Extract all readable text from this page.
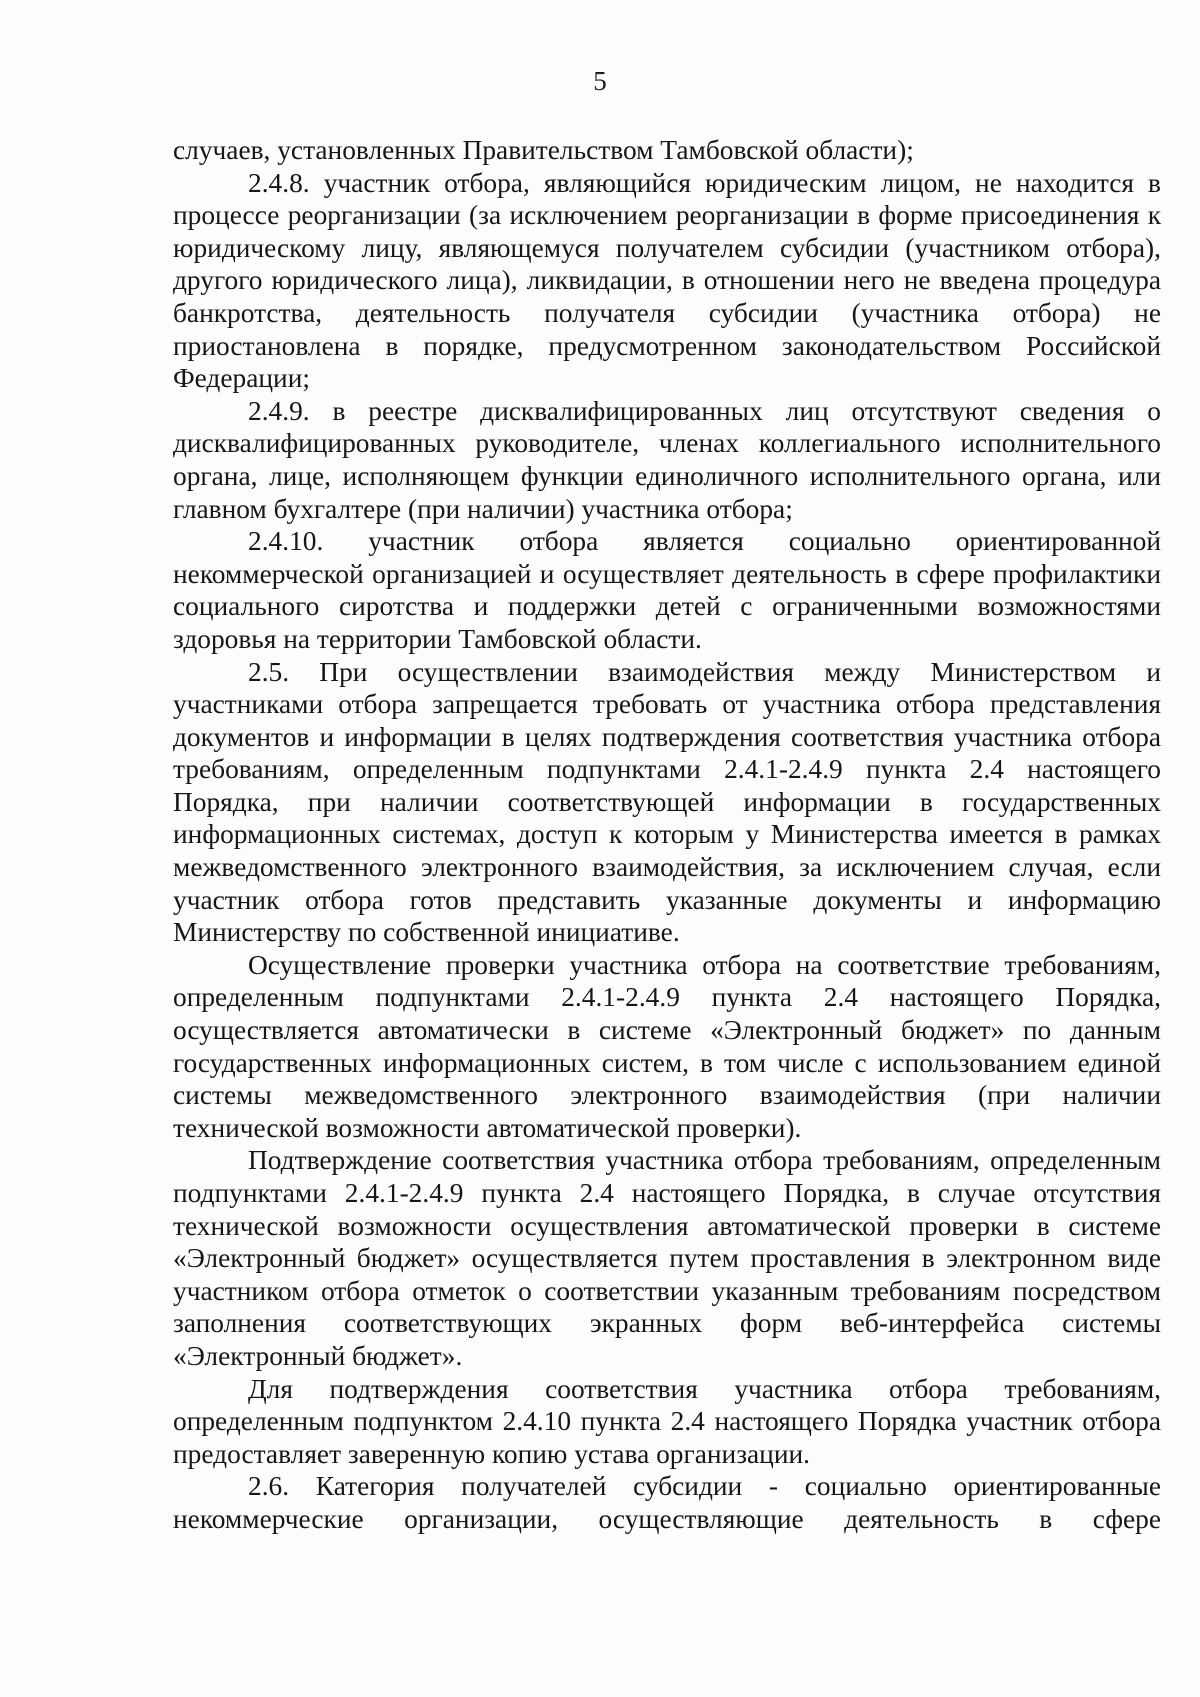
5

случаев, установленных Правительством Тамбовской области);

2.4.8. участник отбора, являющийся юридическим лицом, не находится в процессе реорганизации (за исключением реорганизации в форме присоединения к юридическому лицу, являющемуся получателем субсидии (участником отбора), другого юридического лица), ликвидации, в отношении него не введена процедура банкротства, деятельность получателя субсидии (участника отбора) не приостановлена в порядке, предусмотренном законодательством Российской Федерации;

2.4.9. в реестре дисквалифицированных лиц отсутствуют сведения о дисквалифицированных руководителе, членах коллегиального исполнительного органа, лице, исполняющем функции единоличного исполнительного органа, или главном бухгалтере (при наличии) участника отбора;

2.4.10. участник отбора является социально ориентированной некоммерческой организацией и осуществляет деятельность в сфере профилактики социального сиротства и поддержки детей с ограниченными возможностями здоровья на территории Тамбовской области.

2.5. При осуществлении взаимодействия между Министерством и участниками отбора запрещается требовать от участника отбора представления документов и информации в целях подтверждения соответствия участника отбора требованиям, определенным подпунктами 2.4.1-2.4.9 пункта 2.4 настоящего Порядка, при наличии соответствующей информации в государственных информационных системах, доступ к которым у Министерства имеется в рамках межведомственного электронного взаимодействия, за исключением случая, если участник отбора готов представить указанные документы и информацию Министерству по собственной инициативе.

Осуществление проверки участника отбора на соответствие требованиям, определенным подпунктами 2.4.1-2.4.9 пункта 2.4 настоящего Порядка, осуществляется автоматически в системе «Электронный бюджет» по данным государственных информационных систем, в том числе с использованием единой системы межведомственного электронного взаимодействия (при наличии технической возможности автоматической проверки).

Подтверждение соответствия участника отбора требованиям, определенным подпунктами 2.4.1-2.4.9 пункта 2.4 настоящего Порядка, в случае отсутствия технической возможности осуществления автоматической проверки в системе «Электронный бюджет» осуществляется путем проставления в электронном виде участником отбора отметок о соответствии указанным требованиям посредством заполнения соответствующих экранных форм веб-интерфейса системы «Электронный бюджет».

Для подтверждения соответствия участника отбора требованиям, определенным подпунктом 2.4.10 пункта 2.4 настоящего Порядка участник отбора предоставляет заверенную копию устава организации.

2.6. Категория получателей субсидии - социально ориентированные некоммерческие организации, осуществляющие деятельность в сфере
